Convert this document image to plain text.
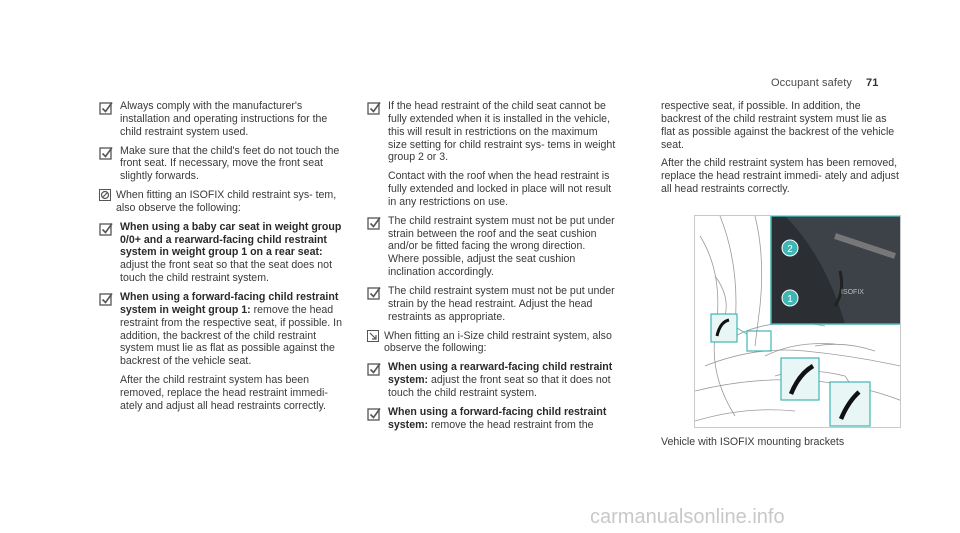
Occupant safety 71
Always comply with the manufacturer's installation and operating instructions for the child restraint system used.
Make sure that the child's feet do not touch the front seat. If necessary, move the front seat slightly forwards.
When fitting an ISOFIX child restraint sys- tem, also observe the following:
When using a baby car seat in weight group 0/0+ and a rearward-facing child restraint system in weight group 1 on a rear seat: adjust the front seat so that the seat does not touch the child restraint system.
When using a forward-facing child restraint system in weight group 1: remove the head restraint from the respective seat, if possible. In addition, the backrest of the child restraint system must lie as flat as possible against the backrest of the vehicle seat.
After the child restraint system has been removed, replace the head restraint immedi- ately and adjust all head restraints correctly.
If the head restraint of the child seat cannot be fully extended when it is installed in the vehicle, this will result in restrictions on the maximum size setting for child restraint sys- tems in weight group 2 or 3.
Contact with the roof when the head restraint is fully extended and locked in place will not result in any restrictions on use.
The child restraint system must not be put under strain between the roof and the seat cushion and/or be fitted facing the wrong direction. Where possible, adjust the seat cushion inclination accordingly.
The child restraint system must not be put under strain by the head restraint. Adjust the head restraints as appropriate.
When fitting an i-Size child restraint system, also observe the following:
When using a rearward-facing child restraint system: adjust the front seat so that it does not touch the child restraint system.
When using a forward-facing child restraint system: remove the head restraint from the
respective seat, if possible. In addition, the backrest of the child restraint system must lie as flat as possible against the backrest of the vehicle seat.
After the child restraint system has been removed, replace the head restraint immedi- ately and adjust all head restraints correctly.
ISOFIX
2
1
Vehicle with ISOFIX mounting brackets
carmanualsonline.info
